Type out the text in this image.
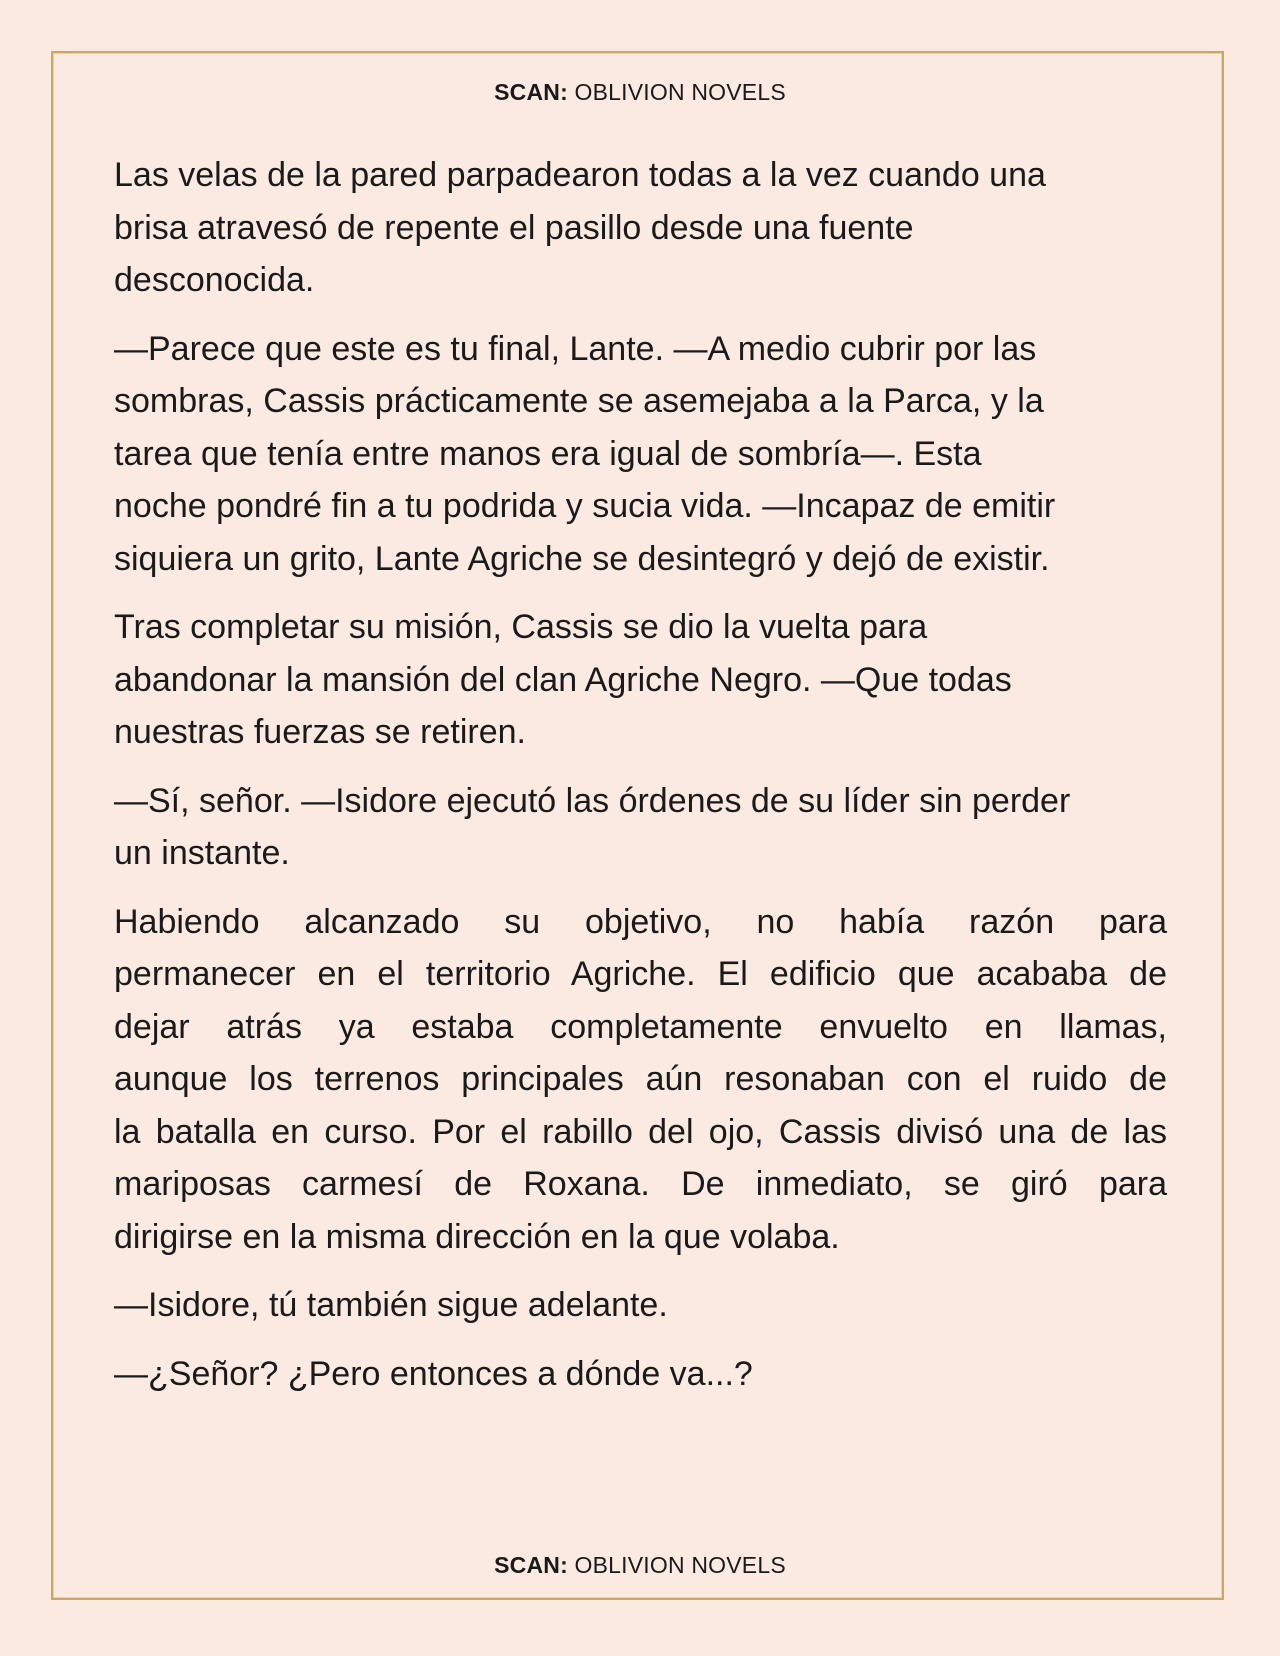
SCAN: OBLIVION NOVELS
Las velas de la pared parpadearon todas a la vez cuando una
brisa atravesó de repente el pasillo desde una fuente
desconocida.
—Parece que este es tu final, Lante. —A medio cubrir por las
sombras, Cassis prácticamente se asemejaba a la Parca, y la
tarea que tenía entre manos era igual de sombría—. Esta
noche pondré fin a tu podrida y sucia vida. —Incapaz de emitir
siquiera un grito, Lante Agriche se desintegró y dejó de existir.
Tras completar su misión, Cassis se dio la vuelta para
abandonar la mansión del clan Agriche Negro. —Que todas
nuestras fuerzas se retiren.
—Sí, señor. —Isidore ejecutó las órdenes de su líder sin perder
un instante.
Habiendo alcanzado su objetivo, no había razón para
permanecer en el territorio Agriche. El edificio que acababa de
dejar atrás ya estaba completamente envuelto en llamas,
aunque los terrenos principales aún resonaban con el ruido de
la batalla en curso. Por el rabillo del ojo, Cassis divisó una de las
mariposas carmesí de Roxana. De inmediato, se giró para
dirigirse en la misma dirección en la que volaba.
—Isidore, tú también sigue adelante.
—¿Señor? ¿Pero entonces a dónde va...?
SCAN: OBLIVION NOVELS
